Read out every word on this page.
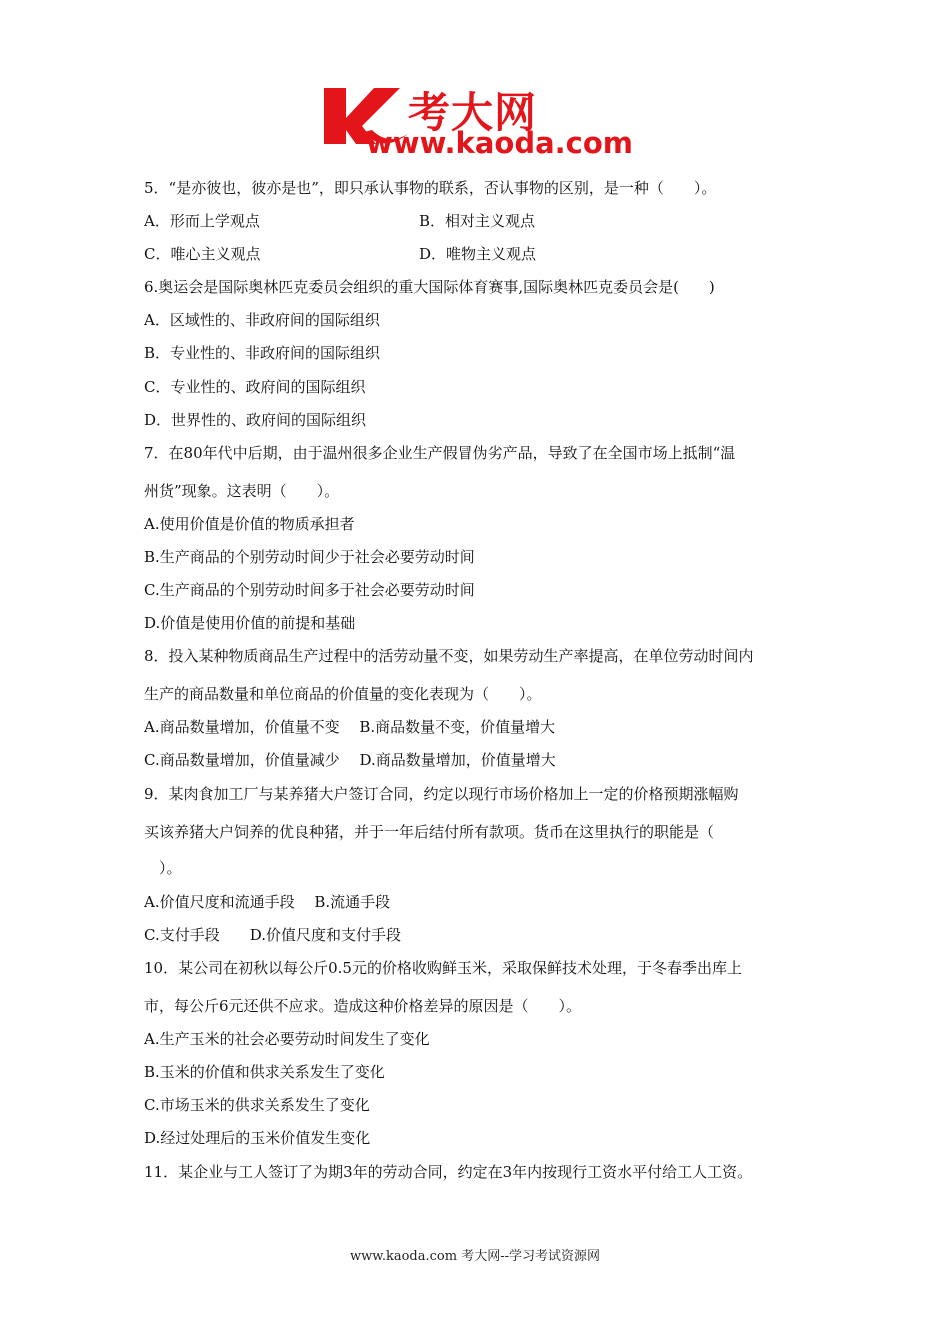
考大网
www.kaoda.com
5．“是亦彼也，彼亦是也”，即只承认事物的联系，否认事物的区别，是一种（　　）。
A．形而上学观点	B．相对主义观点
C．唯心主义观点	D．唯物主义观点
6.奥运会是国际奥林匹克委员会组织的重大国际体育赛事,国际奥林匹克委员会是(　　)
A．区域性的、非政府间的国际组织
B．专业性的、非政府间的国际组织
C．专业性的、政府间的国际组织
D．世界性的、政府间的国际组织
7．在80年代中后期，由于温州很多企业生产假冒伪劣产品，导致了在全国市场上抵制“温
州货”现象。这表明（　　）。
A.使用价值是价值的物质承担者
B.生产商品的个别劳动时间少于社会必要劳动时间
C.生产商品的个别劳动时间多于社会必要劳动时间
D.价值是使用价值的前提和基础
8．投入某种物质商品生产过程中的活劳动量不变，如果劳动生产率提高，在单位劳动时间内
生产的商品数量和单位商品的价值量的变化表现为（　　）。
A.商品数量增加，价值量不变　 B.商品数量不变，价值量增大
C.商品数量增加，价值量减少　 D.商品数量增加，价值量增大
9．某肉食加工厂与某养猪大户签订合同，约定以现行市场价格加上一定的价格预期涨幅购
买该养猪大户饲养的优良种猪，并于一年后结付所有款项。货币在这里执行的职能是（
　）。
A.价值尺度和流通手段　 B.流通手段
C.支付手段　　D.价值尺度和支付手段
10．某公司在初秋以每公斤0.5元的价格收购鲜玉米，采取保鲜技术处理，于冬春季出库上
市，每公斤6元还供不应求。造成这种价格差异的原因是（　　）。
A.生产玉米的社会必要劳动时间发生了变化
B.玉米的价值和供求关系发生了变化
C.市场玉米的供求关系发生了变化
D.经过处理后的玉米价值发生变化
11．某企业与工人签订了为期3年的劳动合同，约定在3年内按现行工资水平付给工人工资。
www.kaoda.com 考大网--学习考试资源网
